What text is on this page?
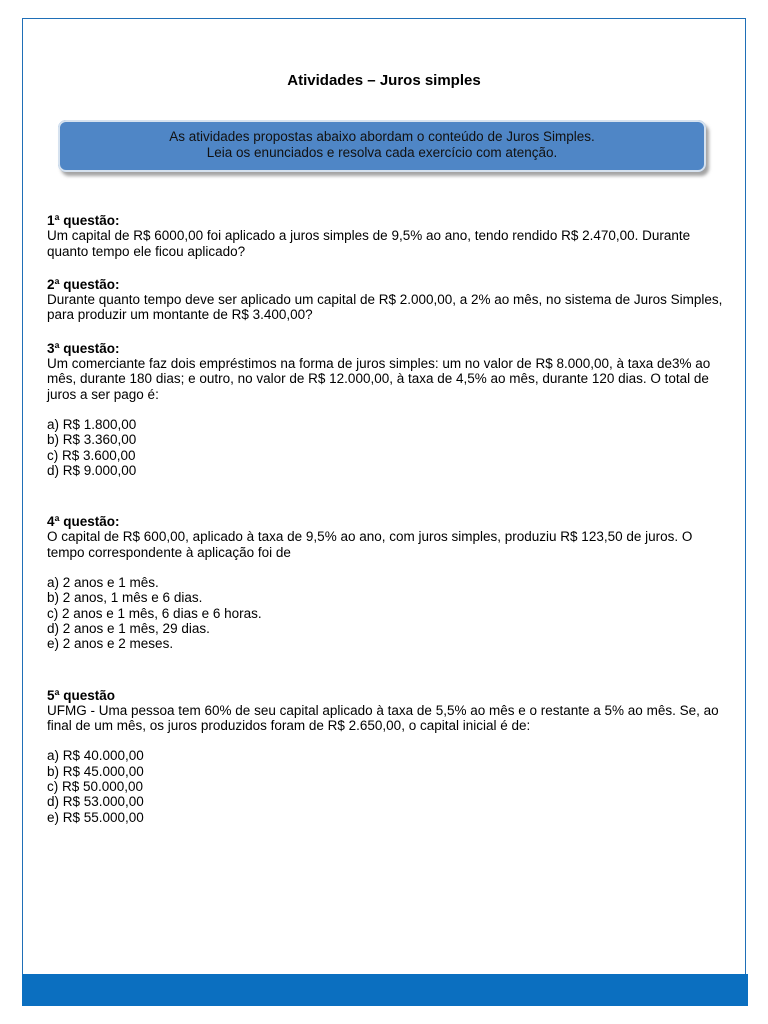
Atividades – Juros simples
As atividades propostas abaixo abordam o conteúdo de Juros Simples.
Leia os enunciados e resolva cada exercício com atenção.
1ª questão:

Um capital de R$ 6000,00 foi aplicado a juros simples de 9,5% ao ano, tendo rendido R$ 2.470,00. Durante quanto tempo ele ficou aplicado?

2ª questão:

Durante quanto tempo deve ser aplicado um capital de R$ 2.000,00, a 2% ao mês, no sistema de Juros Simples, para produzir um montante de R$ 3.400,00?

3ª questão:

Um comerciante faz dois empréstimos na forma de juros simples: um no valor de R$ 8.000,00, à taxa de3% ao mês, durante 180 dias; e outro, no valor de R$ 12.000,00, à taxa de 4,5% ao mês, durante 120 dias. O total de juros a ser pago é:

a) R$ 1.800,00
b) R$ 3.360,00
c) R$ 3.600,00
d) R$ 9.000,00
4ª questão:

O capital de R$ 600,00, aplicado à taxa de 9,5% ao ano, com juros simples, produziu R$ 123,50 de juros. O tempo correspondente à aplicação foi de

a) 2 anos e 1 mês.
b) 2 anos, 1 mês e 6 dias.
c) 2 anos e 1 mês, 6 dias e 6 horas.
d) 2 anos e 1 mês, 29 dias.
e) 2 anos e 2 meses.
5ª questão

UFMG - Uma pessoa tem 60% de seu capital aplicado à taxa de 5,5% ao mês e o restante a 5% ao mês. Se, ao final de um mês, os juros produzidos foram de R$ 2.650,00, o capital inicial é de:

a) R$ 40.000,00
b) R$ 45.000,00
c) R$ 50.000,00
d) R$ 53.000,00
e) R$ 55.000,00
